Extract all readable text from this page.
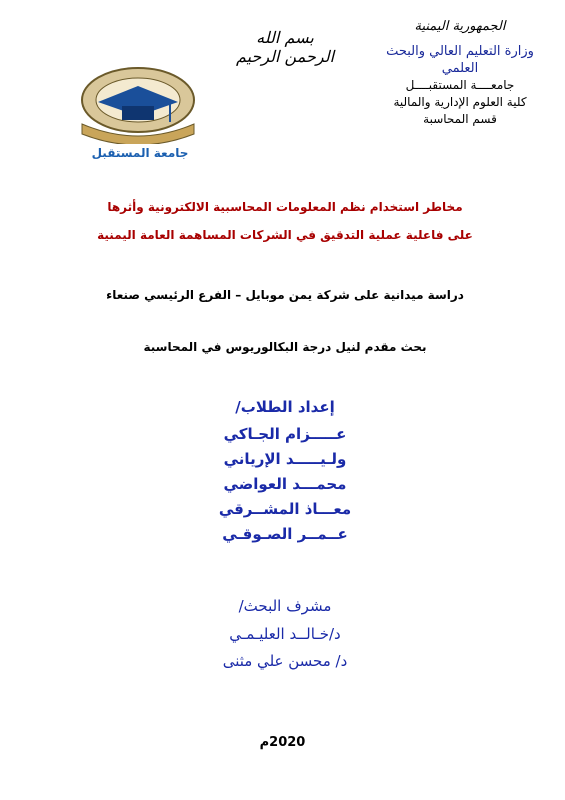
الجمهورية اليمنية
وزارة التعليم العالي والبحث العلمي
جامعــــة المستقبــــل
كلية العلوم الإدارية والمالية
قسم المحاسبة
بسم الله الرحمن الرحيم
جامعة المستقبل
مخاطر استخدام نظم المعلومات المحاسبية الالكترونية وأثرها
على فاعلية عملية التدقيق في الشركات المساهمة العامة اليمنية
دراسة ميدانية على شركة يمن موبايل – الفرع الرئيسي صنعاء
بحث مقدم لنيل درجة البكالوريوس في المحاسبة
إعداد الطلاب/
عـــــزام الجـاكي
ولـيـــــد الإرياني
محمـــد العواضي
معـــاذ المشــرقي
عــمــر الصـوقـي
مشرف البحث/
د/خـالــد العليـمـي
د/ محسن علي مثنى
2020م
